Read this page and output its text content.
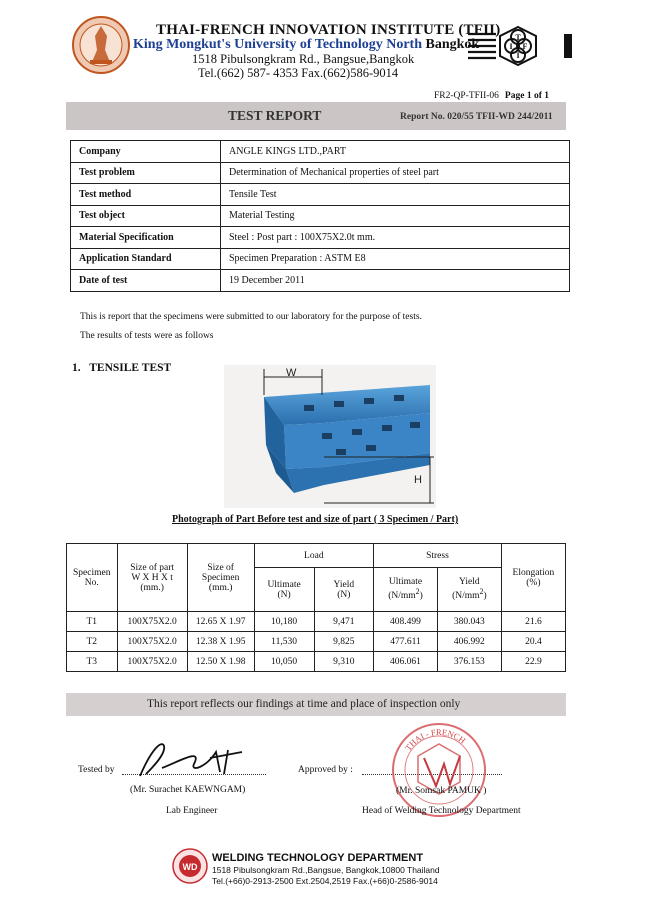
THAI-FRENCH INNOVATION INSTITUTE (TFII)
King Mongkut's University of Technology North Bangkok
1518 Pibulsongkram Rd., Bangsue,Bangkok
Tel.(662) 587- 4353 Fax.(662)586-9014
T
I F
I
FR2-QP-TFII-06 Page 1 of 1
TEST REPORT	Report No. 020/55 TFII-WD 244/2011
Company	ANGLE KINGS LTD.,PART
Test problem	Determination of Mechanical properties of steel part
Test method	Tensile Test
Test object	Material Testing
Material Specification	Steel : Post part : 100X75X2.0t mm.
Application Standard	Specimen Preparation : ASTM E8
Date of test	19 December 2011
This is report that the specimens were submitted to our laboratory for the purpose of tests.
The results of tests were as follows
1.   TENSILE TEST	W
H
Photograph of Part Before test and size of part ( 3 Specimen / Part)
Specimen
No.	Size of part
W X H X t
(mm.)	Size of
Specimen
(mm.)	Load		Stress		Elongation
(%)
			Ultimate
(N)	Yield
(N)	Ultimate
$(N/mm^2)$	Yield
$(N/mm^2)$	
T1	100X75X2.0	12.65 X 1.97	10,180	9,471	408.499	380.043	21.6
T2	100X75X2.0	12.38 X 1.95	11,530	9,825	477.611	406.992	20.4
T3	100X75X2.0	12.50 X 1.98	10,050	9,310	406.061	376.153	22.9
This report reflects our findings at time and place of inspection only
Tested by
(Mr. Surachet KAEWNGAM)
Lab Engineer
Approved by :
THAI - FRENCH
(Mr. Somsak PAMUK )
Head of Welding Technology Department
WD
WELDING TECHNOLOGY DEPARTMENT
1518 Pibulsongkram Rd.,Bangsue, Bangkok,10800 Thailand
Tel.(+66)0-2913-2500 Ext.2504,2519 Fax.(+66)0-2586-9014
